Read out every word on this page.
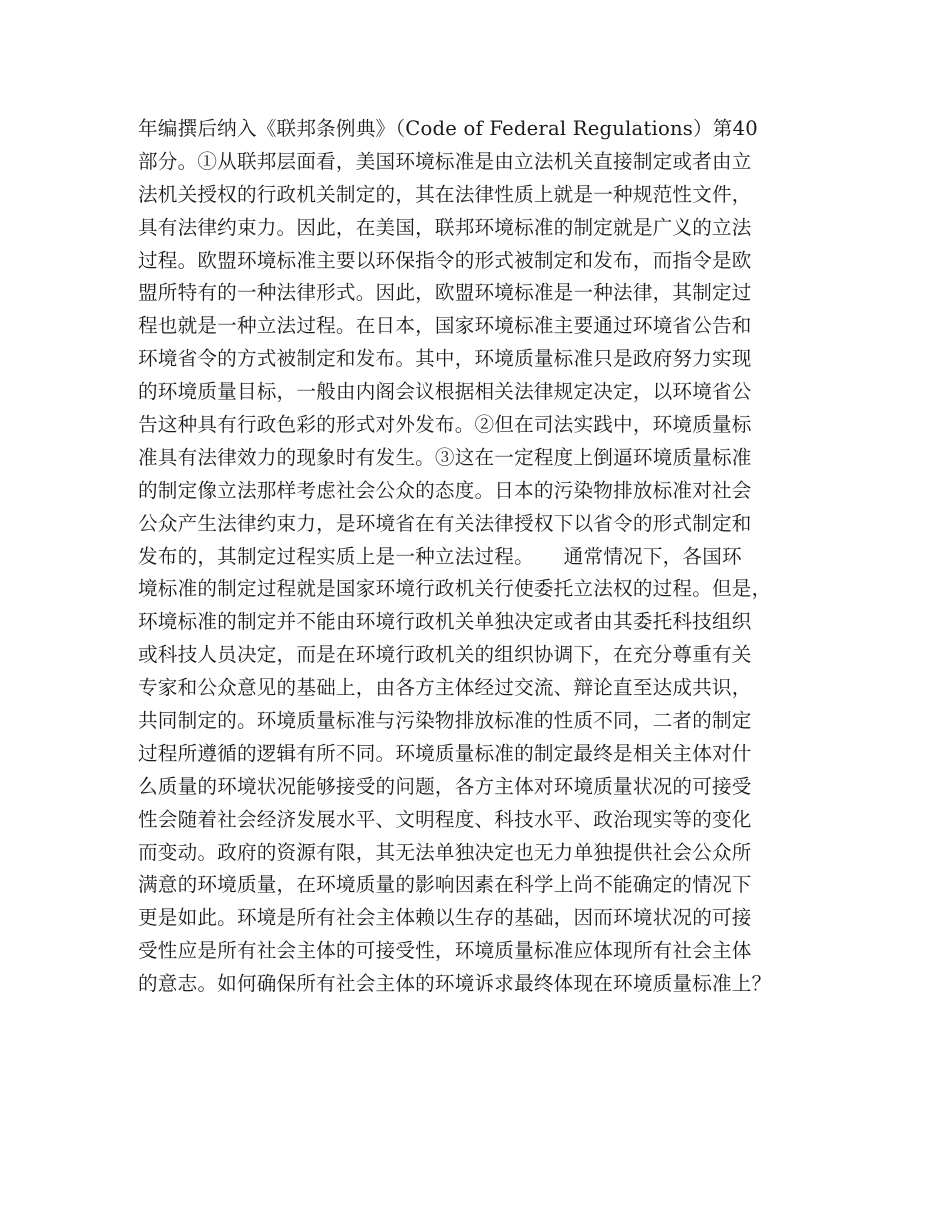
年编撰后纳入《联邦条例典》（Code of Federal Regulations）第40
部分。①从联邦层面看，美国环境标准是由立法机关直接制定或者由立
法机关授权的行政机关制定的，其在法律性质上就是一种规范性文件，
具有法律约束力。因此，在美国，联邦环境标准的制定就是广义的立法
过程。欧盟环境标准主要以环保指令的形式被制定和发布，而指令是欧
盟所特有的一种法律形式。因此，欧盟环境标准是一种法律，其制定过
程也就是一种立法过程。在日本，国家环境标准主要通过环境省公告和
环境省令的方式被制定和发布。其中，环境质量标准只是政府努力实现
的环境质量目标，一般由内阁会议根据相关法律规定决定，以环境省公
告这种具有行政色彩的形式对外发布。②但在司法实践中，环境质量标
准具有法律效力的现象时有发生。③这在一定程度上倒逼环境质量标准
的制定像立法那样考虑社会公众的态度。日本的污染物排放标准对社会
公众产生法律约束力，是环境省在有关法律授权下以省令的形式制定和
发布的，其制定过程实质上是一种立法过程。　　通常情况下，各国环
境标准的制定过程就是国家环境行政机关行使委托立法权的过程。但是，
环境标准的制定并不能由环境行政机关单独决定或者由其委托科技组织
或科技人员决定，而是在环境行政机关的组织协调下，在充分尊重有关
专家和公众意见的基础上，由各方主体经过交流、辩论直至达成共识，
共同制定的。环境质量标准与污染物排放标准的性质不同，二者的制定
过程所遵循的逻辑有所不同。环境质量标准的制定最终是相关主体对什
么质量的环境状况能够接受的问题，各方主体对环境质量状况的可接受
性会随着社会经济发展水平、文明程度、科技水平、政治现实等的变化
而变动。政府的资源有限，其无法单独决定也无力单独提供社会公众所
满意的环境质量，在环境质量的影响因素在科学上尚不能确定的情况下
更是如此。环境是所有社会主体赖以生存的基础，因而环境状况的可接
受性应是所有社会主体的可接受性，环境质量标准应体现所有社会主体
的意志。如何确保所有社会主体的环境诉求最终体现在环境质量标准上？
